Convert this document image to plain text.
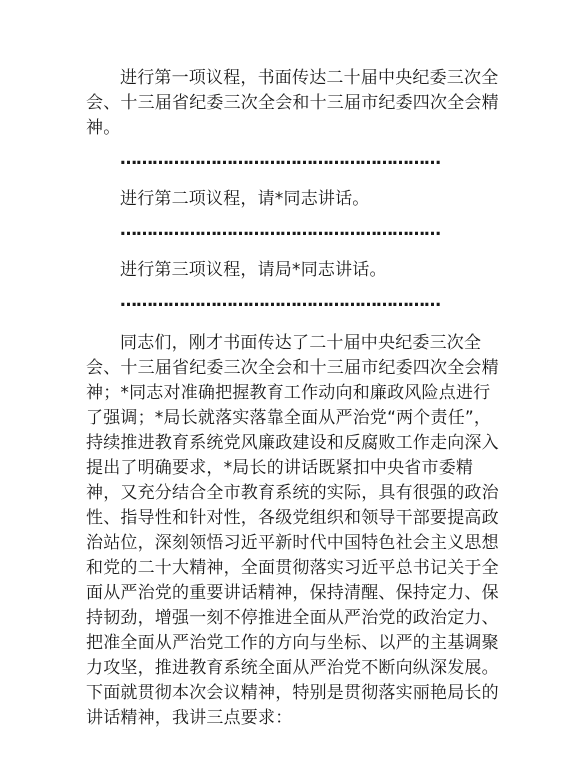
进行第一项议程，书面传达二十届中央纪委三次全会、十三届省纪委三次全会和十三届市纪委四次全会精神。

……………………………………………………

进行第二项议程，请*同志讲话。

……………………………………………………

进行第三项议程，请局*同志讲话。

……………………………………………………

同志们，刚才书面传达了二十届中央纪委三次全会、十三届省纪委三次全会和十三届市纪委四次全会精神；*同志对准确把握教育工作动向和廉政风险点进行了强调；*局长就落实落靠全面从严治党“两个责任”，持续推进教育系统党风廉政建设和反腐败工作走向深入提出了明确要求，*局长的讲话既紧扣中央省市委精神，又充分结合全市教育系统的实际，具有很强的政治性、指导性和针对性，各级党组织和领导干部要提高政治站位，深刻领悟习近平新时代中国特色社会主义思想和党的二十大精神，全面贯彻落实习近平总书记关于全面从严治党的重要讲话精神，保持清醒、保持定力、保持韧劲，增强一刻不停推进全面从严治党的政治定力、把准全面从严治党工作的方向与坐标、以严的主基调聚力攻坚，推进教育系统全面从严治党不断向纵深发展。下面就贯彻本次会议精神，特别是贯彻落实丽艳局长的讲话精神，我讲三点要求：
